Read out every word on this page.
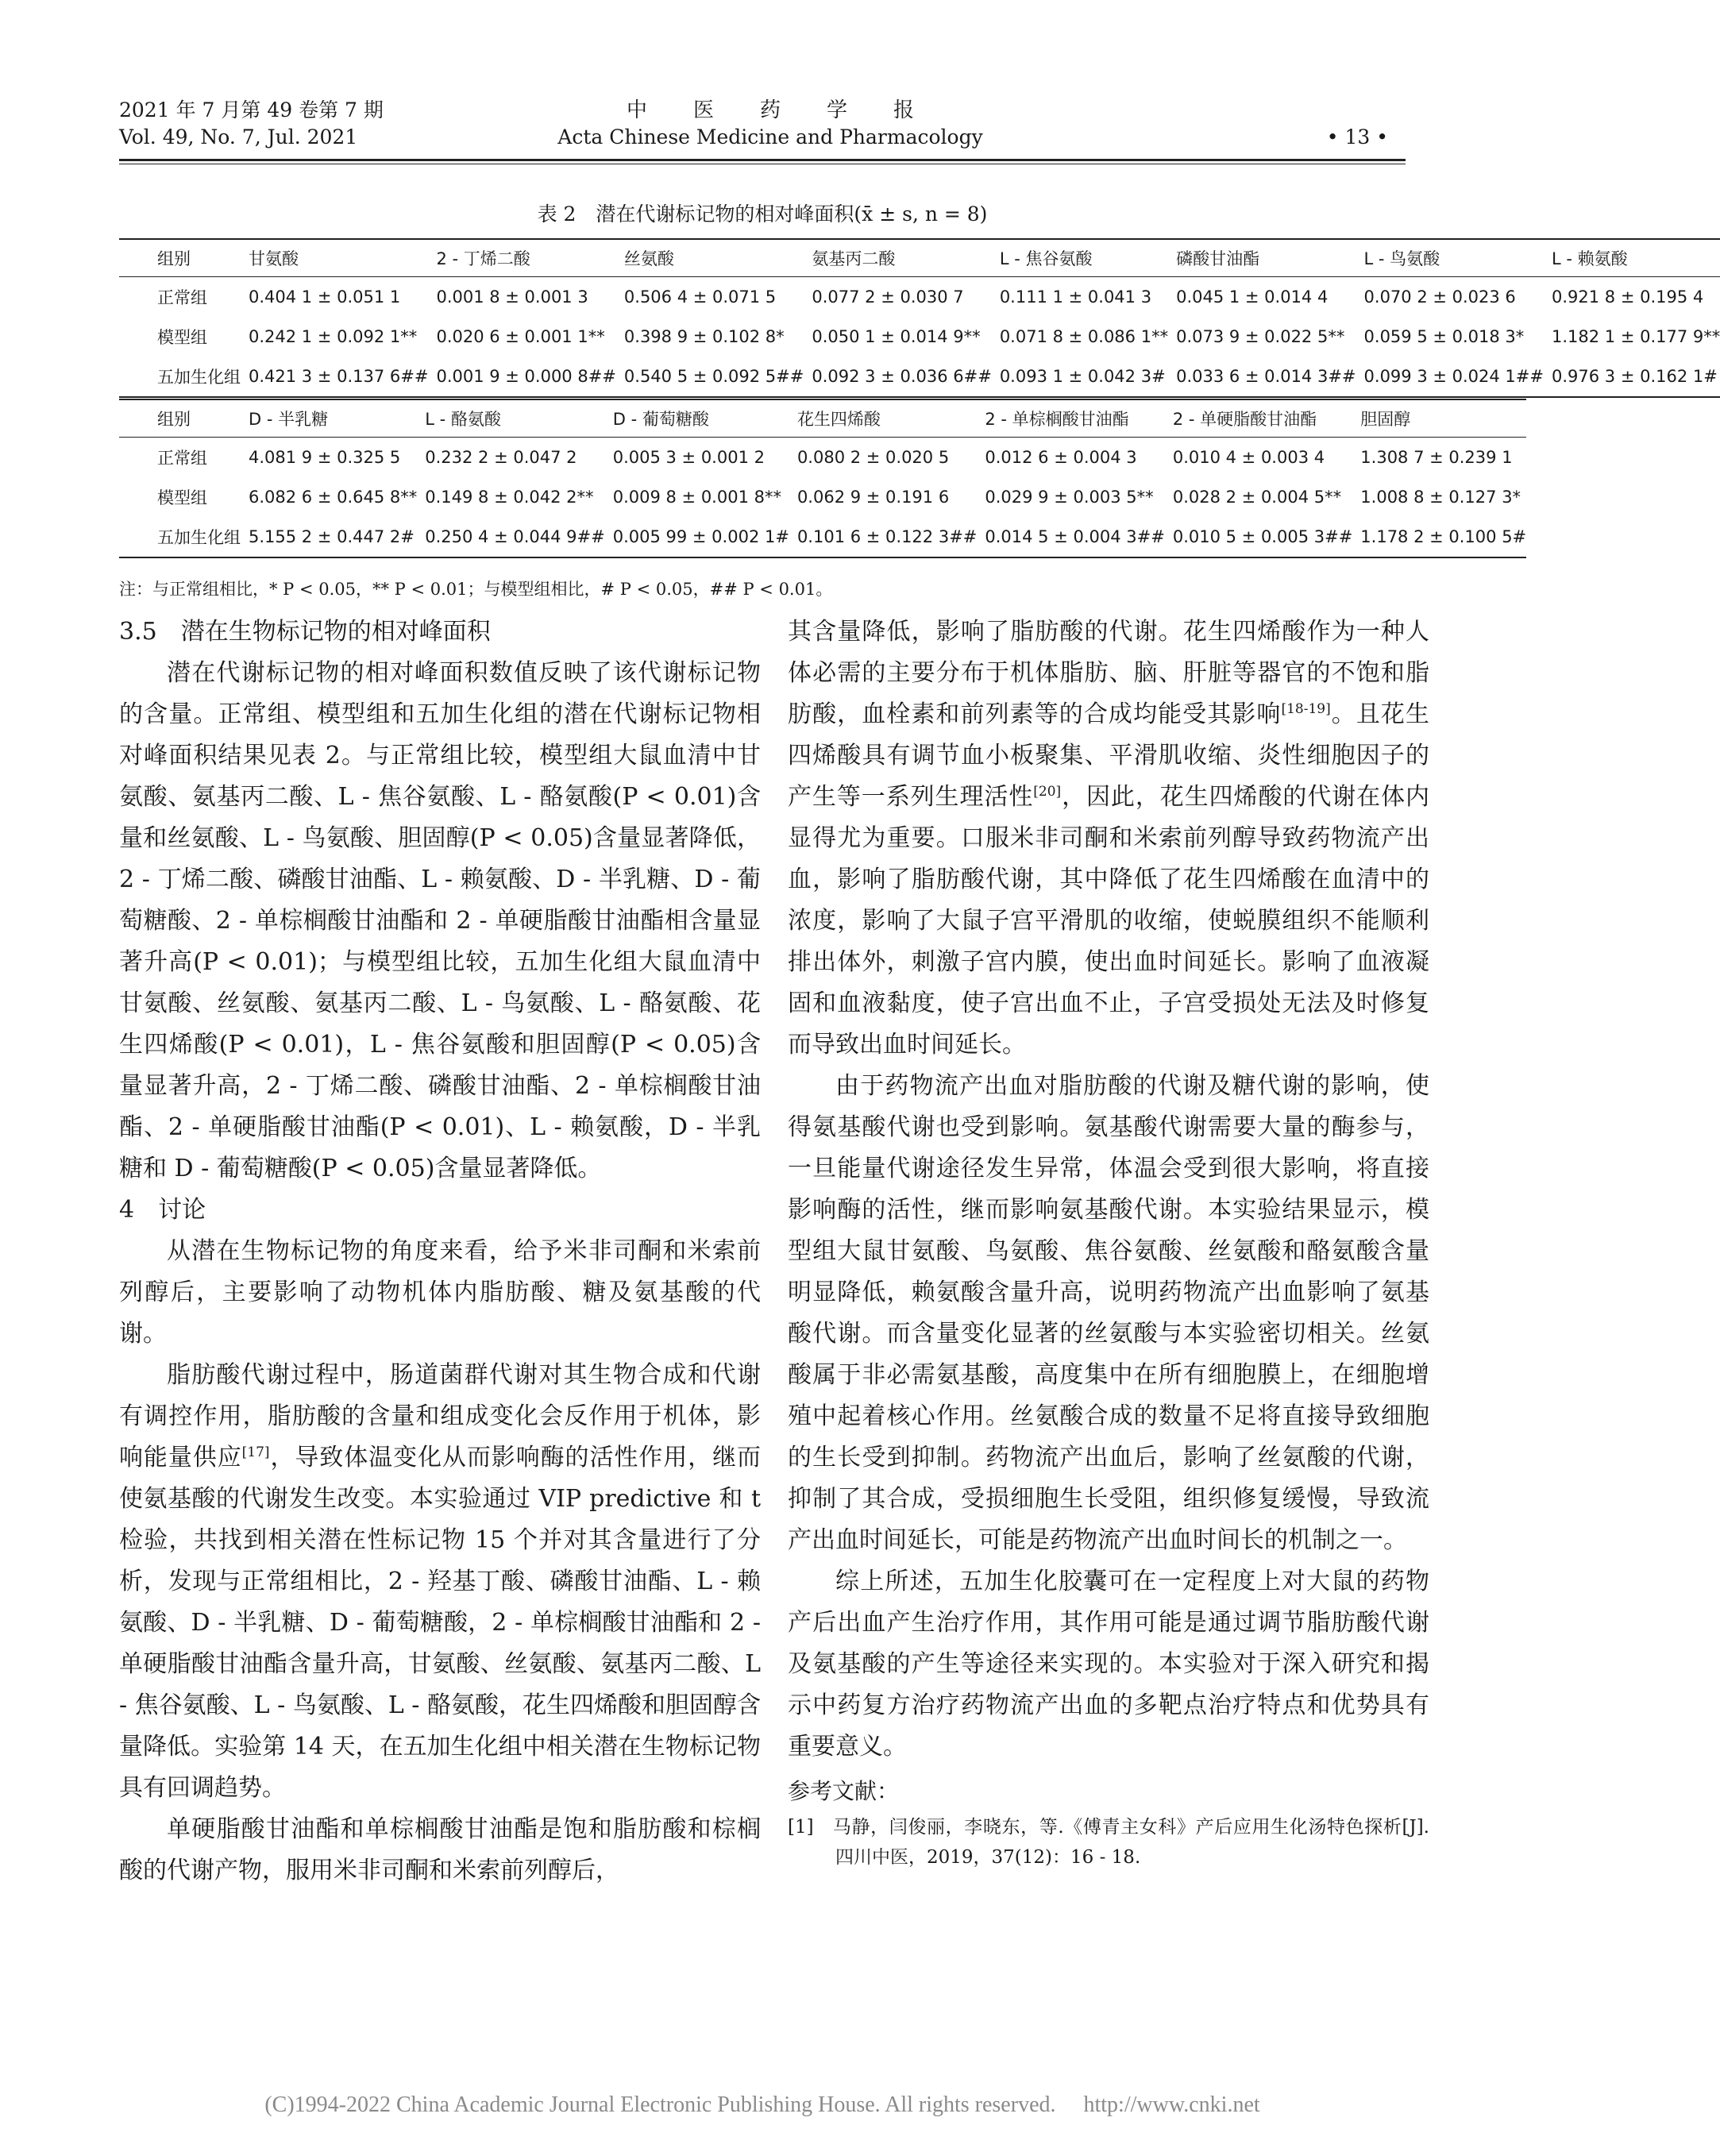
2021 年 7 月第 49 卷第 7 期
Vol. 49, No. 7, Jul. 2021
中医药学报
Acta Chinese Medicine and Pharmacology	• 13 •
表 2　潜在代谢标记物的相对峰面积(x̄ ± s, n = 8)
组别	甘氨酸	2 - 丁烯二酸	丝氨酸	氨基丙二酸	L - 焦谷氨酸	磷酸甘油酯	L - 鸟氨酸	L - 赖氨酸
正常组	0.404 1 ± 0.051 1	0.001 8 ± 0.001 3	0.506 4 ± 0.071 5	0.077 2 ± 0.030 7	0.111 1 ± 0.041 3	0.045 1 ± 0.014 4	0.070 2 ± 0.023 6	0.921 8 ± 0.195 4
模型组	0.242 1 ± 0.092 1**	0.020 6 ± 0.001 1**	0.398 9 ± 0.102 8*	0.050 1 ± 0.014 9**	0.071 8 ± 0.086 1**	0.073 9 ± 0.022 5**	0.059 5 ± 0.018 3*	1.182 1 ± 0.177 9**
五加生化组	0.421 3 ± 0.137 6##	0.001 9 ± 0.000 8##	0.540 5 ± 0.092 5##	0.092 3 ± 0.036 6##	0.093 1 ± 0.042 3#	0.033 6 ± 0.014 3##	0.099 3 ± 0.024 1##	0.976 3 ± 0.162 1#
组别	D - 半乳糖	L - 酪氨酸	D - 葡萄糖酸	花生四烯酸	2 - 单棕榈酸甘油酯	2 - 单硬脂酸甘油酯	胆固醇
正常组	4.081 9 ± 0.325 5	0.232 2 ± 0.047 2	0.005 3 ± 0.001 2	0.080 2 ± 0.020 5	0.012 6 ± 0.004 3	0.010 4 ± 0.003 4	1.308 7 ± 0.239 1
模型组	6.082 6 ± 0.645 8**	0.149 8 ± 0.042 2**	0.009 8 ± 0.001 8**	0.062 9 ± 0.191 6	0.029 9 ± 0.003 5**	0.028 2 ± 0.004 5**	1.008 8 ± 0.127 3*
五加生化组	5.155 2 ± 0.447 2#	0.250 4 ± 0.044 9##	0.005 99 ± 0.002 1#	0.101 6 ± 0.122 3##	0.014 5 ± 0.004 3##	0.010 5 ± 0.005 3##	1.178 2 ± 0.100 5#
注：与正常组相比，* P < 0.05，** P < 0.01；与模型组相比，# P < 0.05，## P < 0.01。
3.5　潜在生物标记物的相对峰面积

潜在代谢标记物的相对峰面积数值反映了该代谢标记物的含量。正常组、模型组和五加生化组的潜在代谢标记物相对峰面积结果见表 2。与正常组比较，模型组大鼠血清中甘氨酸、氨基丙二酸、L - 焦谷氨酸、L - 酪氨酸(P < 0.01)含量和丝氨酸、L - 鸟氨酸、胆固醇(P < 0.05)含量显著降低，2 - 丁烯二酸、磷酸甘油酯、L - 赖氨酸、D - 半乳糖、D - 葡萄糖酸、2 - 单棕榈酸甘油酯和 2 - 单硬脂酸甘油酯相含量显著升高(P < 0.01)；与模型组比较，五加生化组大鼠血清中甘氨酸、丝氨酸、氨基丙二酸、L - 鸟氨酸、L - 酪氨酸、花生四烯酸(P < 0.01)，L - 焦谷氨酸和胆固醇(P < 0.05)含量显著升高，2 - 丁烯二酸、磷酸甘油酯、2 - 单棕榈酸甘油酯、2 - 单硬脂酸甘油酯(P < 0.01)、L - 赖氨酸，D - 半乳糖和 D - 葡萄糖酸(P < 0.05)含量显著降低。

4　讨论

从潜在生物标记物的角度来看，给予米非司酮和米索前列醇后，主要影响了动物机体内脂肪酸、糖及氨基酸的代谢。

脂肪酸代谢过程中，肠道菌群代谢对其生物合成和代谢有调控作用，脂肪酸的含量和组成变化会反作用于机体，影响能量供应[17]，导致体温变化从而影响酶的活性作用，继而使氨基酸的代谢发生改变。本实验通过 VIP predictive 和 t 检验，共找到相关潜在性标记物 15 个并对其含量进行了分析，发现与正常组相比，2 - 羟基丁酸、磷酸甘油酯、L - 赖氨酸、D - 半乳糖、D - 葡萄糖酸，2 - 单棕榈酸甘油酯和 2 - 单硬脂酸甘油酯含量升高，甘氨酸、丝氨酸、氨基丙二酸、L - 焦谷氨酸、L - 鸟氨酸、L - 酪氨酸，花生四烯酸和胆固醇含量降低。实验第 14 天，在五加生化组中相关潜在生物标记物具有回调趋势。

单硬脂酸甘油酯和单棕榈酸甘油酯是饱和脂肪酸和棕榈酸的代谢产物，服用米非司酮和米索前列醇后，

其含量降低，影响了脂肪酸的代谢。花生四烯酸作为一种人体必需的主要分布于机体脂肪、脑、肝脏等器官的不饱和脂肪酸，血栓素和前列素等的合成均能受其影响[18-19]。且花生四烯酸具有调节血小板聚集、平滑肌收缩、炎性细胞因子的产生等一系列生理活性[20]，因此，花生四烯酸的代谢在体内显得尤为重要。口服米非司酮和米索前列醇导致药物流产出血，影响了脂肪酸代谢，其中降低了花生四烯酸在血清中的浓度，影响了大鼠子宫平滑肌的收缩，使蜕膜组织不能顺利排出体外，刺激子宫内膜，使出血时间延长。影响了血液凝固和血液黏度，使子宫出血不止，子宫受损处无法及时修复而导致出血时间延长。

由于药物流产出血对脂肪酸的代谢及糖代谢的影响，使得氨基酸代谢也受到影响。氨基酸代谢需要大量的酶参与，一旦能量代谢途径发生异常，体温会受到很大影响，将直接影响酶的活性，继而影响氨基酸代谢。本实验结果显示，模型组大鼠甘氨酸、鸟氨酸、焦谷氨酸、丝氨酸和酪氨酸含量明显降低，赖氨酸含量升高，说明药物流产出血影响了氨基酸代谢。而含量变化显著的丝氨酸与本实验密切相关。丝氨酸属于非必需氨基酸，高度集中在所有细胞膜上，在细胞增殖中起着核心作用。丝氨酸合成的数量不足将直接导致细胞的生长受到抑制。药物流产出血后，影响了丝氨酸的代谢，抑制了其合成，受损细胞生长受阻，组织修复缓慢，导致流产出血时间延长，可能是药物流产出血时间长的机制之一。

综上所述，五加生化胶囊可在一定程度上对大鼠的药物产后出血产生治疗作用，其作用可能是通过调节脂肪酸代谢及氨基酸的产生等途径来实现的。本实验对于深入研究和揭示中药复方治疗药物流产出血的多靶点治疗特点和优势具有重要意义。

参考文献：
[1]　马静，闫俊丽，李晓东，等.《傅青主女科》产后应用生化汤特色探析[J]. 四川中医，2019，37(12)：16 - 18.
(C)1994-2022 China Academic Journal Electronic Publishing House. All rights reserved.　 http://www.cnki.net
